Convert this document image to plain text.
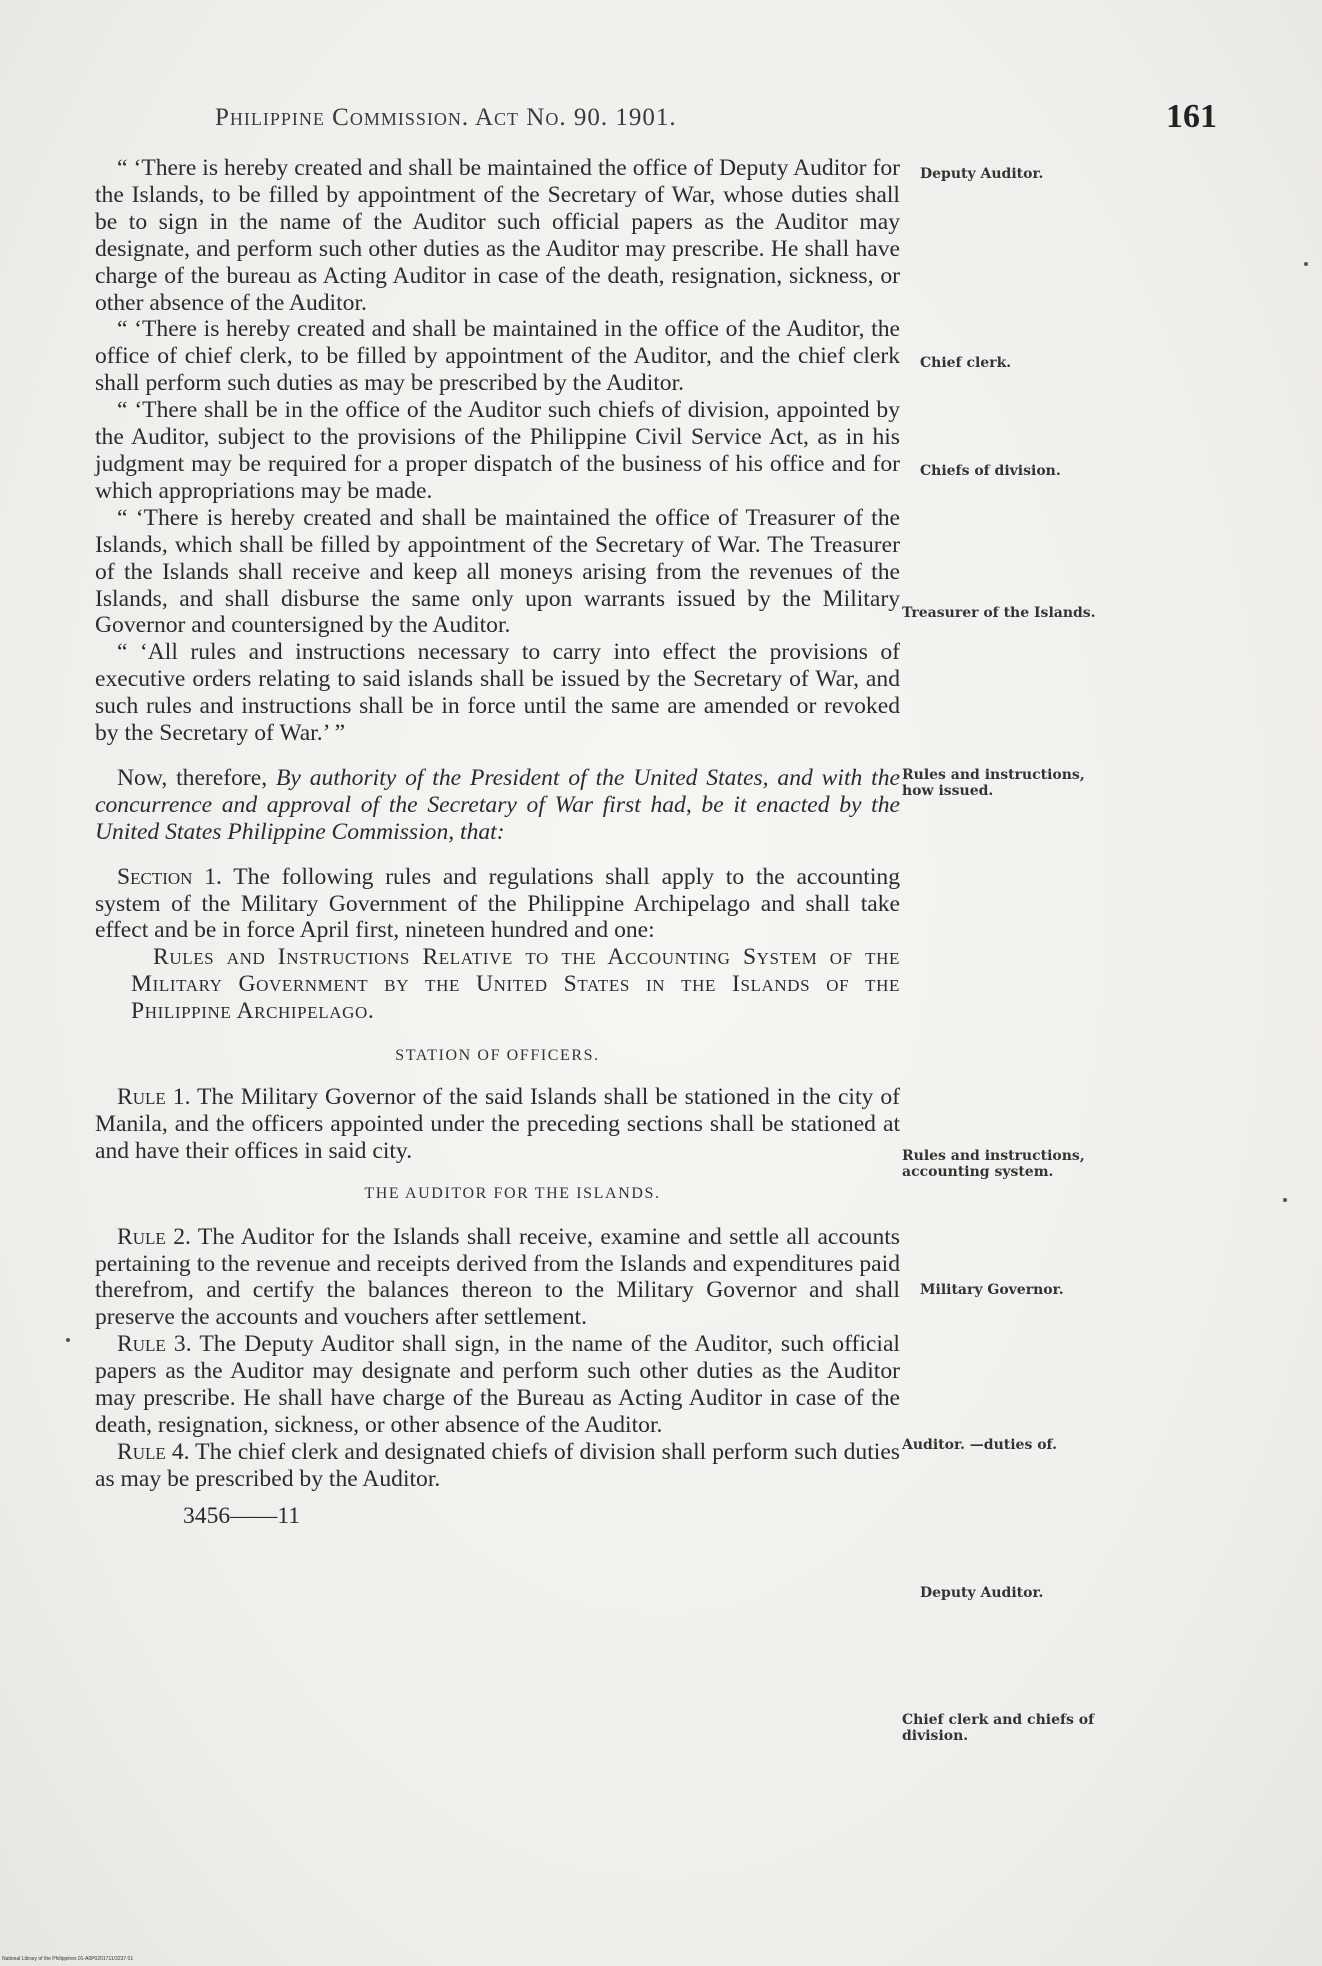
Philippine Commission. Act No. 90. 1901.	161

“ ‘There is hereby created and shall be maintained the office of Deputy Auditor for the Islands, to be filled by appointment of the Secretary of War, whose duties shall be to sign in the name of the Auditor such official papers as the Auditor may designate, and perform such other duties as the Auditor may prescribe. He shall have charge of the bureau as Acting Auditor in case of the death, resignation, sickness, or other absence of the Auditor.

“ ‘There is hereby created and shall be maintained in the office of the Auditor, the office of chief clerk, to be filled by appointment of the Auditor, and the chief clerk shall perform such duties as may be prescribed by the Auditor.

“ ‘There shall be in the office of the Auditor such chiefs of division, appointed by the Auditor, subject to the provisions of the Philippine Civil Service Act, as in his judgment may be required for a proper dispatch of the business of his office and for which appropriations may be made.

“ ‘There is hereby created and shall be maintained the office of Treasurer of the Islands, which shall be filled by appointment of the Secretary of War. The Treasurer of the Islands shall receive and keep all moneys arising from the revenues of the Islands, and shall disburse the same only upon warrants issued by the Military Governor and countersigned by the Auditor.

“ ‘All rules and instructions necessary to carry into effect the provisions of executive orders relating to said islands shall be issued by the Secretary of War, and such rules and instructions shall be in force until the same are amended or revoked by the Secretary of War.’ ”

Now, therefore, By authority of the President of the United States, and with the concurrence and approval of the Secretary of War first had, be it enacted by the United States Philippine Commission, that:

Section 1. The following rules and regulations shall apply to the accounting system of the Military Government of the Philippine Archipelago and shall take effect and be in force April first, nineteen hundred and one:

Rules and Instructions Relative to the Accounting System of the Military Government by the United States in the Islands of the Philippine Archipelago.

STATION OF OFFICERS.

Rule 1. The Military Governor of the said Islands shall be stationed in the city of Manila, and the officers appointed under the preceding sections shall be stationed at and have their offices in said city.

THE AUDITOR FOR THE ISLANDS.

Rule 2. The Auditor for the Islands shall receive, examine and settle all accounts pertaining to the revenue and receipts derived from the Islands and expenditures paid therefrom, and certify the balances thereon to the Military Governor and shall preserve the accounts and vouchers after settlement.

Rule 3. The Deputy Auditor shall sign, in the name of the Auditor, such official papers as the Auditor may designate and perform such other duties as the Auditor may prescribe. He shall have charge of the Bureau as Acting Auditor in case of the death, resignation, sickness, or other absence of the Auditor.

Rule 4. The chief clerk and designated chiefs of division shall perform such duties as may be prescribed by the Auditor.

3456——11

Deputy Auditor.
Chief clerk.
Chiefs of division.
Treasurer of the Islands.
Rules and instructions, how issued.
Rules and instructions, accounting system.
Military Governor.
Auditor. —duties of.
Deputy Auditor.
Chief clerk and chiefs of division.
National Library of the Philippines 01-A0P0201711/3237 01
